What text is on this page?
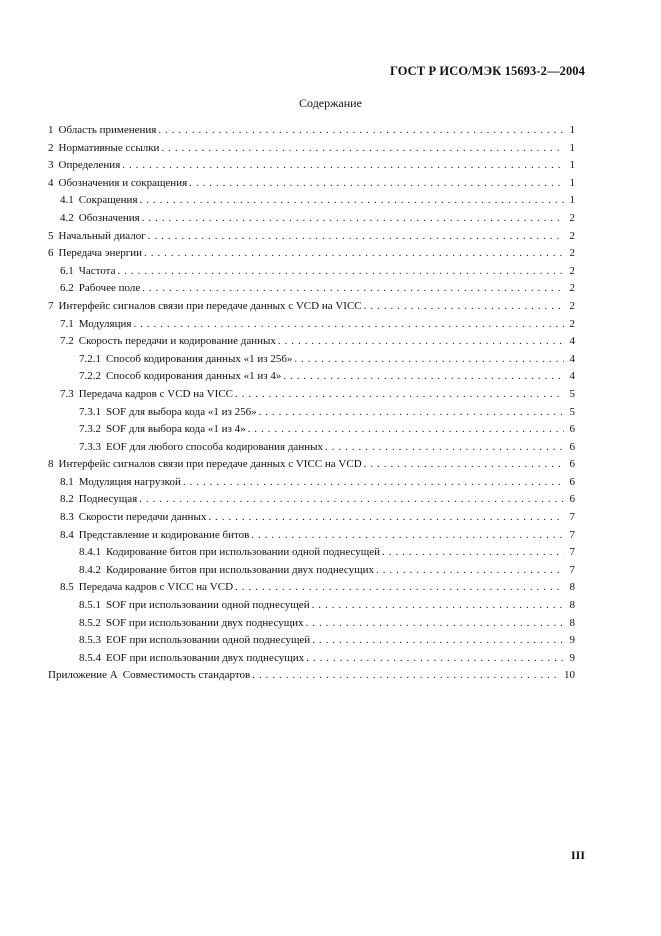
ГОСТ Р ИСО/МЭК 15693-2—2004
Содержание
1 Область применения . . .	1
2 Нормативные ссылки . . .	1
3 Определения . . .	1
4 Обозначения и сокращения . . .	1
4.1 Сокращения . . .	1
4.2 Обозначения . . .	2
5 Начальный диалог . . .	2
6 Передача энергии . . .	2
6.1 Частота . . .	2
6.2 Рабочее поле . . .	2
7 Интерфейс сигналов связи при передаче данных с VCD на VICC . . .	2
7.1 Модуляция . . .	2
7.2 Скорость передачи и кодирование данных . . .	4
7.2.1 Способ кодирования данных «1 из 256» . . .	4
7.2.2 Способ кодирования данных «1 из 4» . . .	4
7.3 Передача кадров с VCD на VICC . . .	5
7.3.1 SOF для выбора кода «1 из 256» . . .	5
7.3.2 SOF для выбора кода «1 из 4» . . .	6
7.3.3 EOF для любого способа кодирования данных . . .	6
8 Интерфейс сигналов связи при передаче данных с VICC на VCD . . .	6
8.1 Модуляция нагрузкой . . .	6
8.2 Поднесущая . . .	6
8.3 Скорости передачи данных . . .	7
8.4 Представление и кодирование битов . . .	7
8.4.1 Кодирование битов при использовании одной поднесущей . . .	7
8.4.2 Кодирование битов при использовании двух поднесущих . . .	7
8.5 Передача кадров с VICC на VCD . . .	8
8.5.1 SOF при использовании одной поднесущей . . .	8
8.5.2 SOF при использовании двух поднесущих . . .	8
8.5.3 EOF при использовании одной поднесущей . . .	9
8.5.4 EOF при использовании двух поднесущих . . .	9
Приложение A Совместимость стандартов . . .	10
III
